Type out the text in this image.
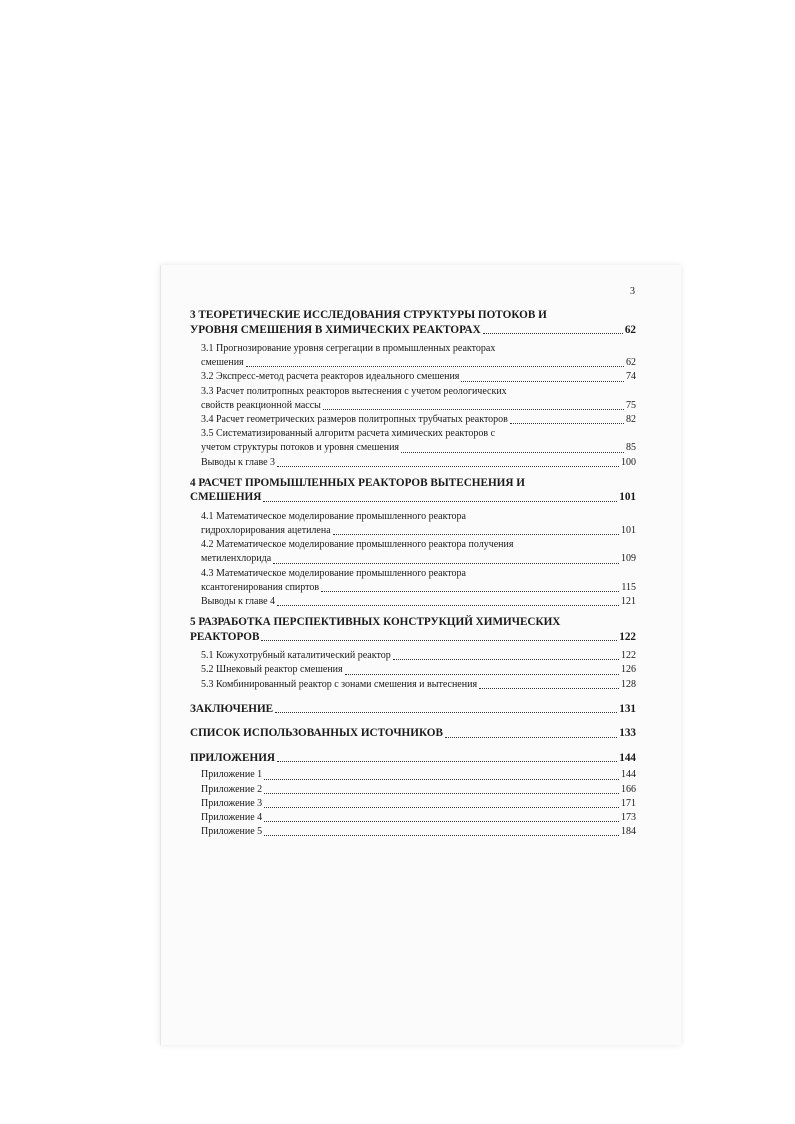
3
3 ТЕОРЕТИЧЕСКИЕ ИССЛЕДОВАНИЯ СТРУКТУРЫ ПОТОКОВ И
УРОВНЯ СМЕШЕНИЯ В ХИМИЧЕСКИХ РЕАКТОРАХ	62
3.1 Прогнозирование уровня сегрегации в промышленных реакторах
смешения	62
3.2 Экспресс-метод расчета реакторов идеального смешения	74
3.3 Расчет политропных реакторов вытеснения с учетом реологических
свойств реакционной массы	75
3.4 Расчет геометрических размеров политропных трубчатых реакторов	82
3.5 Систематизированный алгоритм расчета химических реакторов с
учетом структуры потоков и уровня смешения	85
Выводы к главе 3	100
4 РАСЧЕТ ПРОМЫШЛЕННЫХ РЕАКТОРОВ ВЫТЕСНЕНИЯ И
СМЕШЕНИЯ	101
4.1 Математическое моделирование промышленного реактора
гидрохлорирования ацетилена	101
4.2 Математическое моделирование промышленного реактора получения
метиленхлорида	109
4.3 Математическое моделирование промышленного реактора
ксантогенирования спиртов	115
Выводы к главе 4	121
5 РАЗРАБОТКА ПЕРСПЕКТИВНЫХ КОНСТРУКЦИЙ ХИМИЧЕСКИХ
РЕАКТОРОВ	122
5.1 Кожухотрубный каталитический реактор	122
5.2 Шнековый реактор смешения	126
5.3 Комбинированный реактор с зонами смешения и вытеснения	128
ЗАКЛЮЧЕНИЕ	131
СПИСОК ИСПОЛЬЗОВАННЫХ ИСТОЧНИКОВ	133
ПРИЛОЖЕНИЯ	144
Приложение 1	144
Приложение 2	166
Приложение 3	171
Приложение 4	173
Приложение 5	184
